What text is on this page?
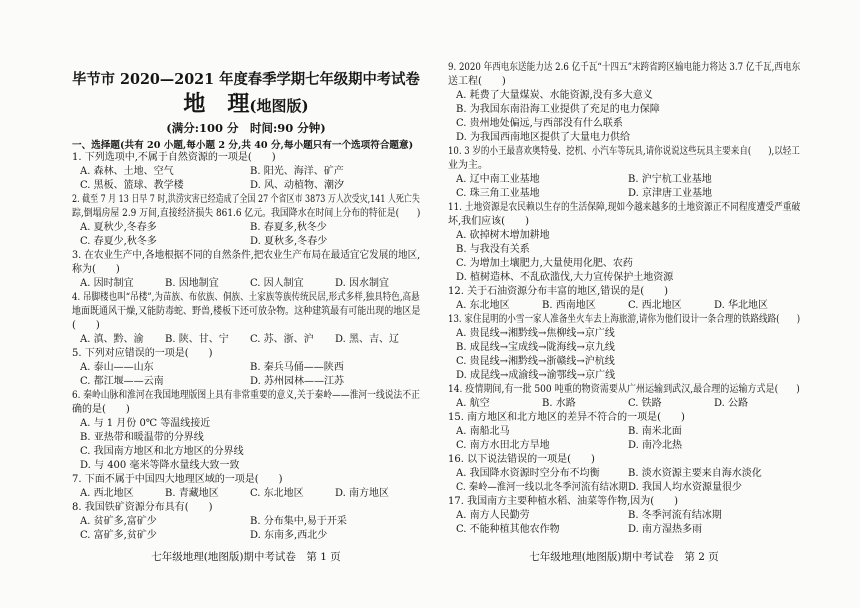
毕节市 2020—2021 年度春季学期七年级期中考试卷
地　理(地图版)
(满分:100 分　时间:90 分钟)
一、选择题(共有 20 小题,每小题 2 分,共 40 分,每小题只有一个选项符合题意)
1. 下列选项中,不属于自然资源的一项是(　　)
A. 森林、土地、空气	B. 阳光、海洋、矿产
C. 黑板、篮球、教学楼	D. 风、动植物、潮汐
2. 截至 7 月 13 日早 7 时,洪涝灾害已经造成了全国 27 个省区市 3873 万人次受灾,141 人死亡失
踪,倒塌房屋 2.9 万间,直接经济损失 861.6 亿元。我国降水在时间上分布的特征是(　　)
A. 夏秋少,冬春多	B. 春夏多,秋冬少
C. 春夏少,秋冬多	D. 夏秋多,冬春少
3. 在农业生产中,各地根据不同的自然条件,把农业生产布局在最适宜它发展的地区,
称为(　　)
A. 因时制宜	B. 因地制宜	C. 因人制宜	D. 因水制宜
4. 吊脚楼也叫“吊楼”,为苗族、布依族、侗族、土家族等族传统民居,形式多样,独具特色,高悬
地面既通风干燥,又能防毒蛇、野兽,楼板下还可放杂物。这种建筑最有可能出现的地区是
(　　)
A. 滇、黔、渝	B. 陕、甘、宁	C. 苏、浙、沪	D. 黑、吉、辽
5. 下列对应错误的一项是(　　)
A. 泰山——山东	B. 秦兵马俑——陕西
C. 都江堰——云南	D. 苏州园林——江苏
6. 秦岭山脉和淮河在我国地理版图上具有非常重要的意义,关于秦岭——淮河一线说法不正
确的是(　　)
A. 与 1 月份 0℃ 等温线接近
B. 亚热带和暖温带的分界线
C. 我国南方地区和北方地区的分界线
D. 与 400 毫米等降水量线大致一致
7. 下面不属于中国四大地理区域的一项是(　　)
A. 西北地区	B. 青藏地区	C. 东北地区	D. 南方地区
8. 我国铁矿资源分布具有(　　)
A. 贫矿多,富矿少	B. 分布集中,易于开采
C. 富矿多,贫矿少	D. 东南多,西北少
七年级地理(地图版)期中考试卷　第 1 页
9. 2020 年西电东送能力达 2.6 亿千瓦“十四五”末跨省跨区输电能力将达 3.7 亿千瓦,西电东
送工程(　　)
A. 耗费了大量煤炭、水能资源,没有多大意义
B. 为我国东南沿海工业提供了充足的电力保障
C. 贵州地处偏远,与西部没有什么联系
D. 为我国西南地区提供了大量电力供给
10. 3 岁的小王最喜欢奥特曼、挖机、小汽车等玩具,请你说说这些玩具主要来自(　　),以轻工
业为主。
A. 辽中南工业基地	B. 沪宁杭工业基地
C. 珠三角工业基地	D. 京津唐工业基地
11. 土地资源是农民赖以生存的生活保障,现如今越来越多的土地资源正不同程度遭受严重破
坏,我们应该(　　)
A. 砍掉树木增加耕地
B. 与我没有关系
C. 为增加土壤肥力,大量使用化肥、农药
D. 植树造林、不乱砍滥伐,大力宣传保护土地资源
12. 关于石油资源分布丰富的地区,错误的是(　　)
A. 东北地区	B. 西南地区	C. 西北地区	D. 华北地区
13. 家住昆明的小雪一家人准备坐火车去上海旅游,请你为他们设计一条合理的铁路线路(　　)
A. 贵昆线→湘黔线→焦柳线→京广线
B. 成昆线→宝成线→陇海线→京九线
C. 贵昆线→湘黔线→浙赣线→沪杭线
D. 成昆线→成渝线→渝鄂线→京广线
14. 疫情期间,有一批 500 吨重的物资需要从广州运输到武汉,最合理的运输方式是(　　)
A. 航空	B. 水路	C. 铁路	D. 公路
15. 南方地区和北方地区的差异不符合的一项是(　　)
A. 南船北马	B. 南米北面
C. 南方水田北方旱地	D. 南冷北热
16. 以下说法错误的一项是(　　)
A. 我国降水资源时空分布不均衡	B. 淡水资源主要来自海水淡化
C. 秦岭—淮河一线以北冬季河流有结冰期 D. 我国人均水资源量很少
17. 我国南方主要种植水稻、油菜等作物,因为(　　)
A. 南方人民勤劳	B. 冬季河流有结冰期
C. 不能种植其他农作物	D. 南方湿热多雨
七年级地理(地图版)期中考试卷　第 2 页
